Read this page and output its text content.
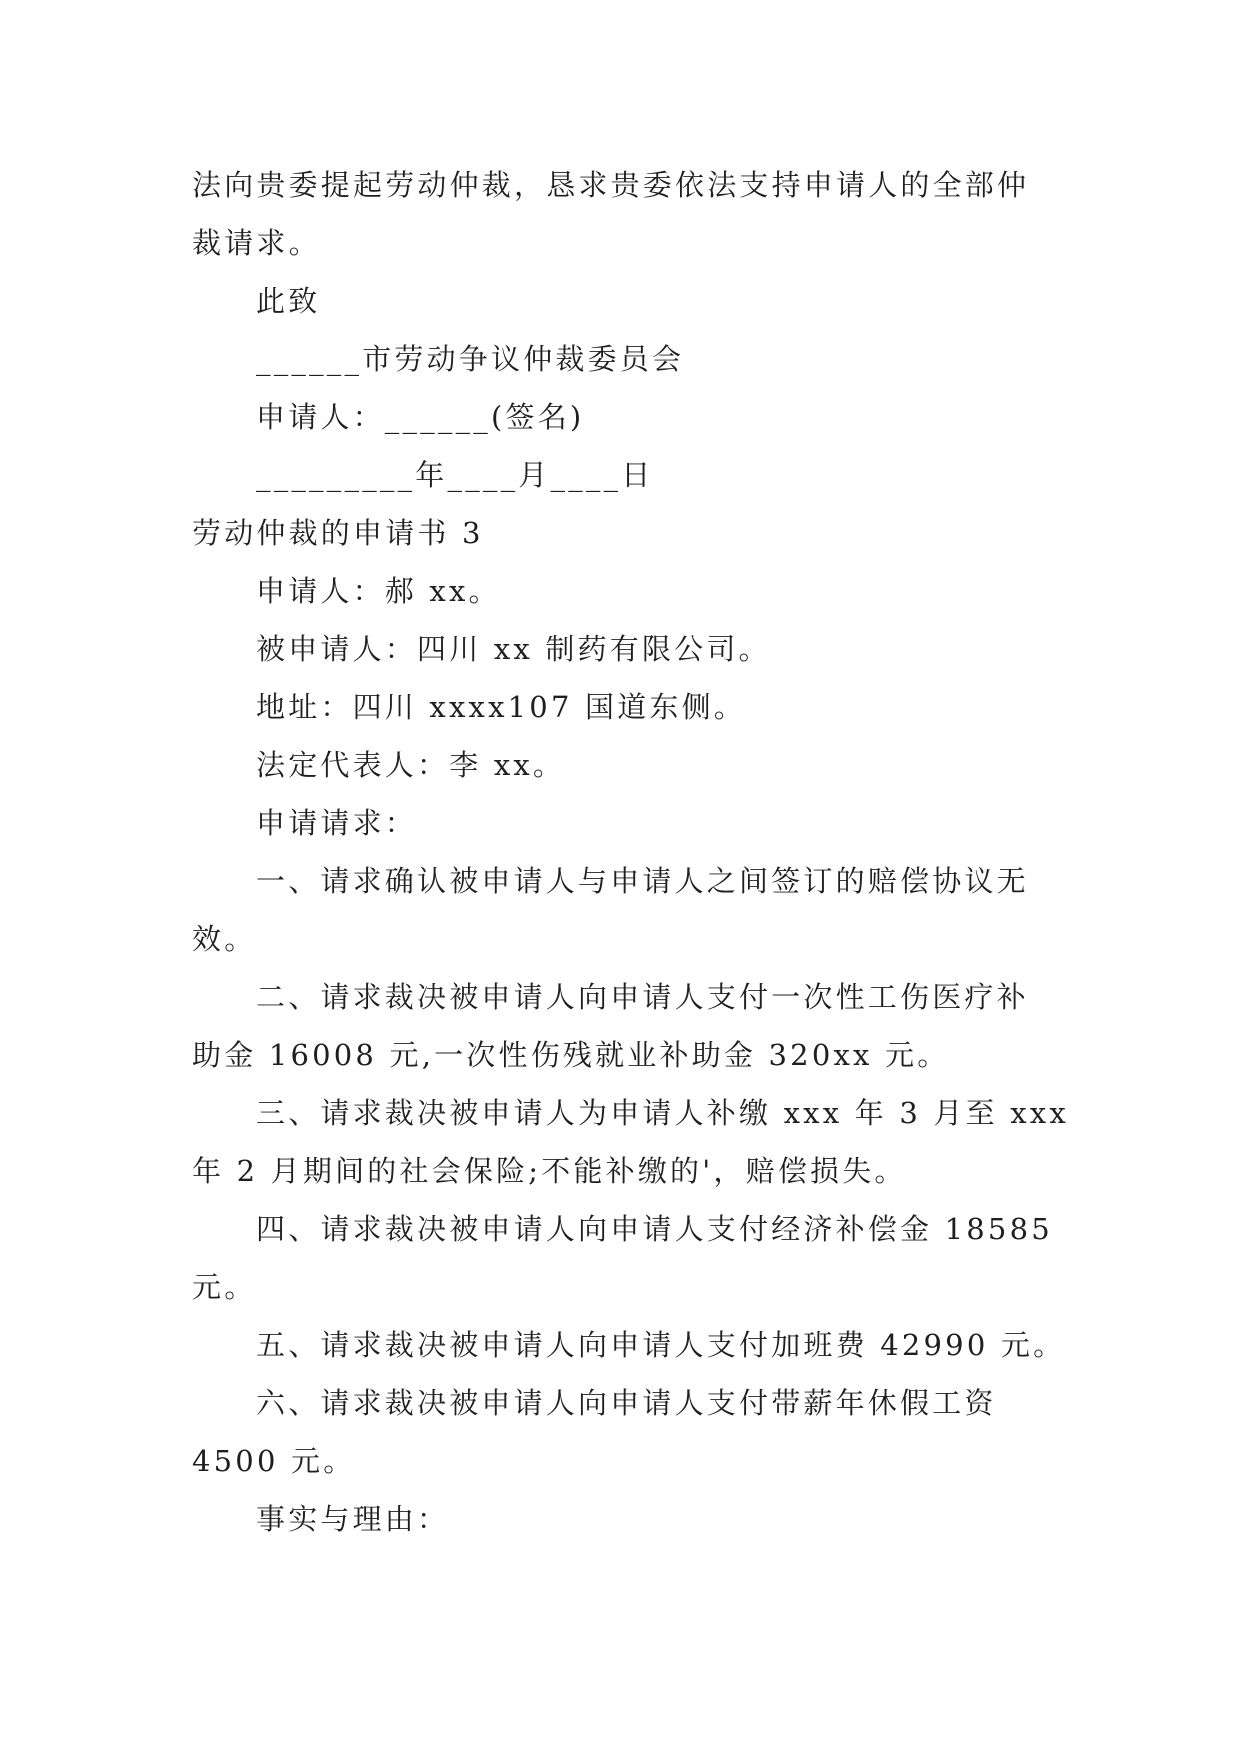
法向贵委提起劳动仲裁，恳求贵委依法支持申请人的全部仲
裁请求。
此致
______市劳动争议仲裁委员会
申请人：______(签名)
_________年____月____日
劳动仲裁的申请书 3
申请人：郝 xx。
被申请人：四川 xx 制药有限公司。
地址：四川 xxxx107 国道东侧。
法定代表人：李 xx。
申请请求：
一、请求确认被申请人与申请人之间签订的赔偿协议无
效。
二、请求裁决被申请人向申请人支付一次性工伤医疗补
助金 16008 元,一次性伤残就业补助金 320xx 元。
三、请求裁决被申请人为申请人补缴 xxx 年 3 月至 xxx
年 2 月期间的社会保险;不能补缴的'，赔偿损失。
四、请求裁决被申请人向申请人支付经济补偿金 18585
元。
五、请求裁决被申请人向申请人支付加班费 42990 元。
六、请求裁决被申请人向申请人支付带薪年休假工资
4500 元。
事实与理由：
